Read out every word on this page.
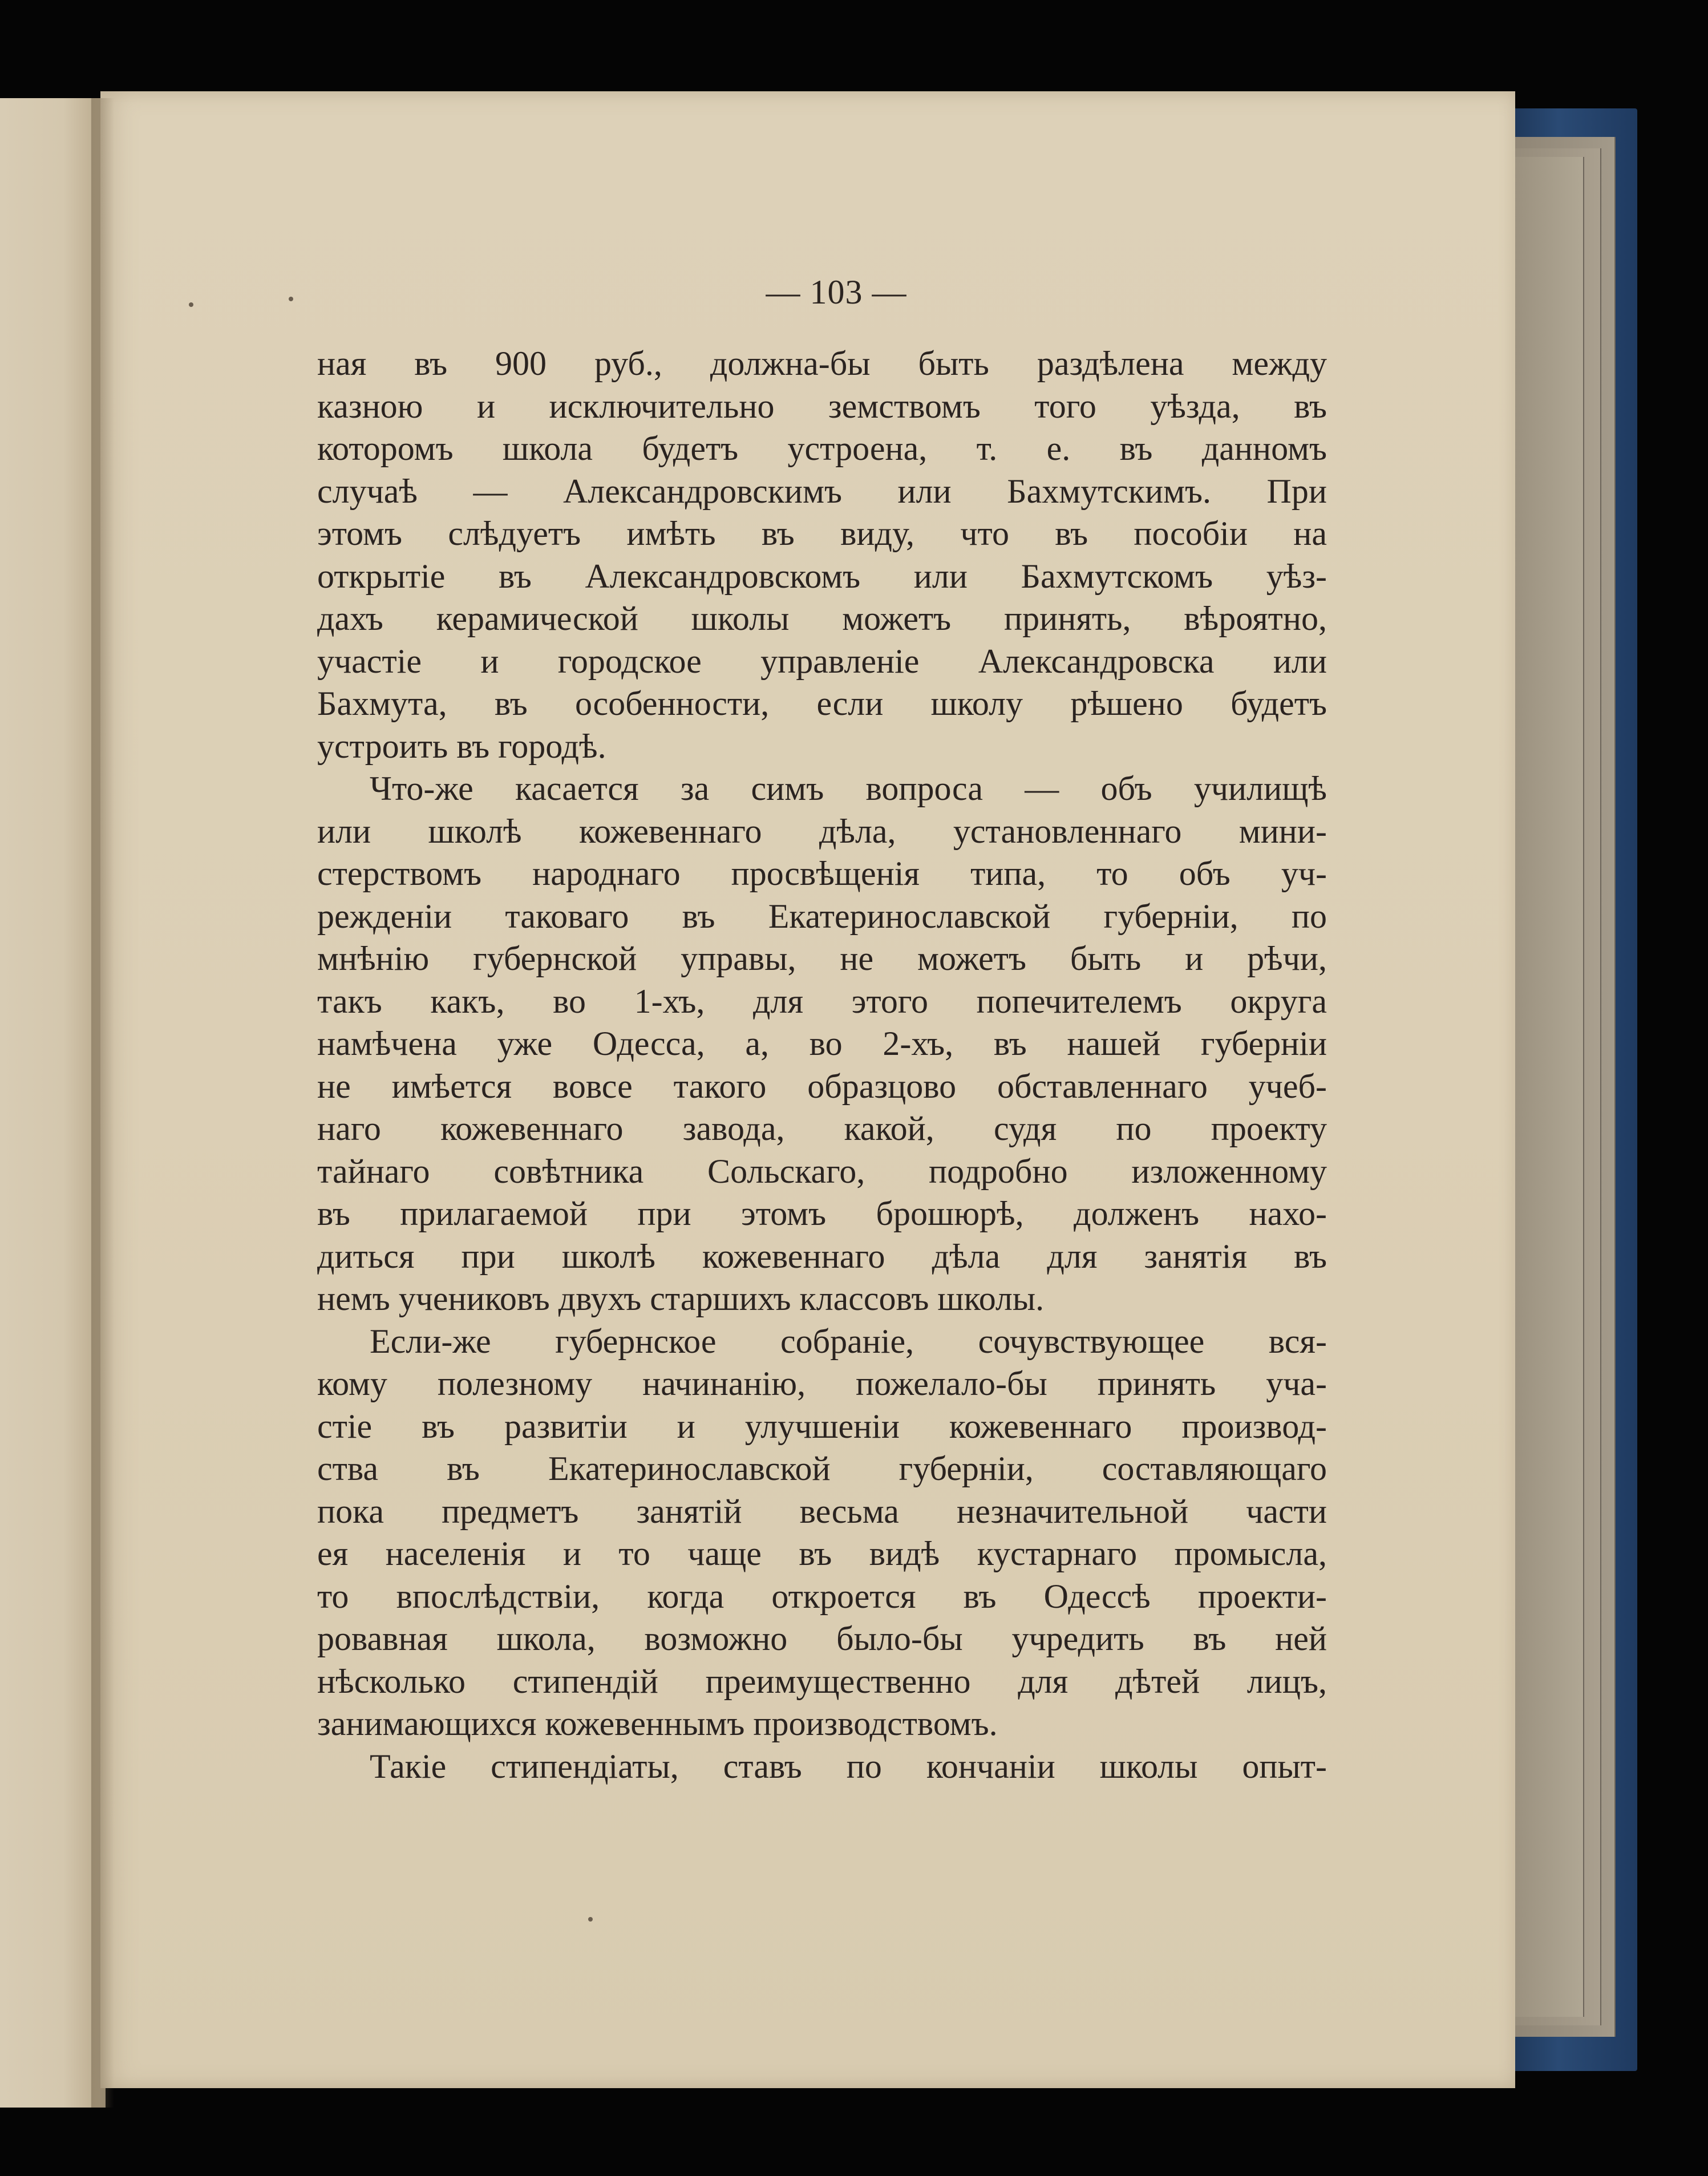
— 103 —
ная въ 900 руб., должна-бы быть раздѣлена между
казною и исключительно земствомъ того уѣзда, въ
которомъ школа будетъ устроена, т. е. въ данномъ
случаѣ — Александровскимъ или Бахмутскимъ. При
этомъ слѣдуетъ имѣть въ виду, что въ пособіи на
открытіе въ Александровскомъ или Бахмутскомъ уѣз-
дахъ керамической школы можетъ принять, вѣроятно,
участіе и городское управленіе Александровска или
Бахмута, въ особенности, если школу рѣшено будетъ
устроить въ городѣ.
Что-же касается за симъ вопроса — объ училищѣ
или школѣ кожевеннаго дѣла, установленнаго мини-
стерствомъ народнаго просвѣщенія типа, то объ уч-
режденіи таковаго въ Екатеринославской губерніи, по
мнѣнію губернской управы, не можетъ быть и рѣчи,
такъ какъ, во 1-хъ, для этого попечителемъ округа
намѣчена уже Одесса, а, во 2-хъ, въ нашей губерніи
не имѣется вовсе такого образцово обставленнаго учеб-
наго кожевеннаго завода, какой, судя по проекту
тайнаго совѣтника Сольскаго, подробно изложенному
въ прилагаемой при этомъ брошюрѣ, долженъ нахо-
диться при школѣ кожевеннаго дѣла для занятія въ
немъ учениковъ двухъ старшихъ классовъ школы.
Если-же губернское собраніе, сочувствующее вся-
кому полезному начинанію, пожелало-бы принять уча-
стіе въ развитіи и улучшеніи кожевеннаго производ-
ства въ Екатеринославской губерніи, составляющаго
пока предметъ занятій весьма незначительной части
ея населенія и то чаще въ видѣ кустарнаго промысла,
то впослѣдствіи, когда откроется въ Одессѣ проекти-
ровавная школа, возможно было-бы учредить въ ней
нѣсколько стипендій преимущественно для дѣтей лицъ,
занимающихся кожевеннымъ производствомъ.
Такіе стипендіаты, ставъ по кончаніи школы опыт-
